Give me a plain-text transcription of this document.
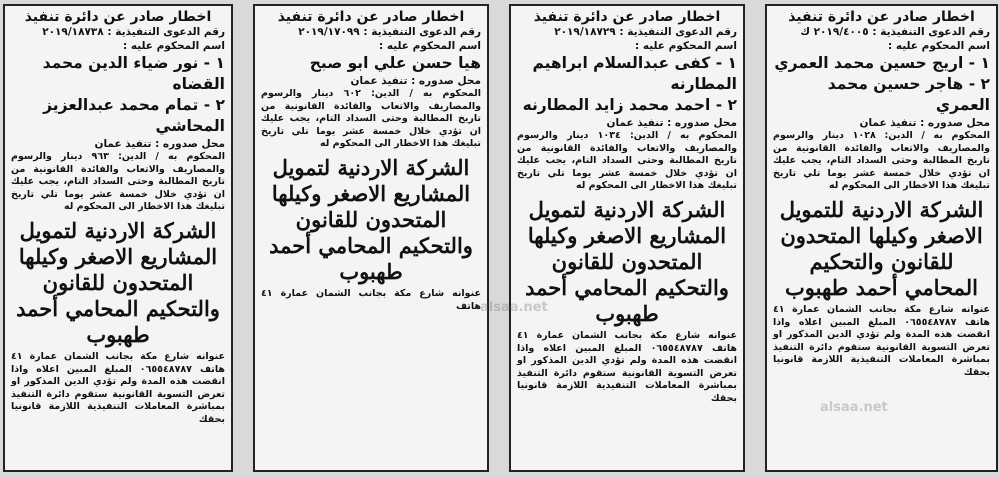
اخطار صادر عن دائرة تنفيذ

رقم الدعوى التنفيذية : ٢٠١٩/٤٠٠٥ ك

اسم المحكوم عليه :

١ - اريج حسين محمد العمري

٢ - هاجر حسين محمد العمري

محل صدوره : تنفيذ عمان

المحكوم به / الدين: ١٠٢٨ دينار والرسوم والمصاريف والاتعاب والفائدة القانونية من تاريخ المطالبة وحتى السداد التام، يجب عليك ان تؤدي خلال خمسة عشر يوما تلي تاريخ تبليغك هذا الاخطار الى المحكوم له

الشركة الاردنية للتمويل الاصغر وكيلها المتحدون للقانون والتحكيم المحامي أحمد طهبوب

عنوانه شارع مكة بجانب الشمان عمارة ٤١ هاتف ٠٦٥٥٤٨٧٨٧ المبلغ المبين اعلاه واذا انقضت هذه المدة ولم تؤدي الدين المذكور او تعرض التسوية القانونية ستقوم دائرة التنفيذ بمباشرة المعاملات التنفيذية اللازمة قانونيا بحقك

اخطار صادر عن دائرة تنفيذ

رقم الدعوى التنفيذية : ٢٠١٩/١٨٧٢٩

اسم المحكوم عليه :

١ - كفى عبدالسلام ابراهيم المطارنه

٢ - احمد محمد زايد المطارنه

محل صدوره : تنفيذ عمان

المحكوم به / الدين: ١٠٣٤ دينار والرسوم والمصاريف والاتعاب والفائدة القانونية من تاريخ المطالبة وحتى السداد التام، يجب عليك ان تؤدي خلال خمسة عشر يوما تلي تاريخ تبليغك هذا الاخطار الى المحكوم له

الشركة الاردنية لتمويل المشاريع الاصغر وكيلها المتحدون للقانون والتحكيم المحامي أحمد طهبوب

عنوانه شارع مكة بجانب الشمان عمارة ٤١ هاتف ٠٦٥٥٤٨٧٨٧ المبلغ المبين اعلاه واذا انقضت هذه المدة ولم تؤدي الدين المذكور او تعرض التسوية القانونية ستقوم دائرة التنفيذ بمباشرة المعاملات التنفيذية اللازمة قانونيا بحقك

اخطار صادر عن دائرة تنفيذ

رقم الدعوى التنفيذية : ٢٠١٩/١٧٠٩٩

اسم المحكوم عليه :

هيا حسن علي ابو صبح

محل صدوره : تنفيذ عمان

المحكوم به / الدين: ٦٠٢ دينار والرسوم والمصاريف والاتعاب والفائدة القانونية من تاريخ المطالبة وحتى السداد التام، يجب عليك ان تؤدي خلال خمسة عشر يوما تلي تاريخ تبليغك هذا الاخطار الى المحكوم له

الشركة الاردنية لتمويل المشاريع الاصغر وكيلها المتحدون للقانون والتحكيم المحامي أحمد طهبوب

عنوانه شارع مكة بجانب الشمان عمارة ٤١ هاتف

اخطار صادر عن دائرة تنفيذ

رقم الدعوى التنفيذية : ٢٠١٩/١٨٧٣٨

اسم المحكوم عليه :

١ - نور ضياء الدين محمد القضاه

٢ - تمام محمد عبدالعزيز المحاشي

محل صدوره : تنفيذ عمان

المحكوم به / الدين: ٩٦٣ دينار والرسوم والمصاريف والاتعاب والفائدة القانونية من تاريخ المطالبة وحتى السداد التام، يجب عليك ان تؤدي خلال خمسة عشر يوما تلي تاريخ تبليغك هذا الاخطار الى المحكوم له

الشركة الاردنية لتمويل المشاريع الاصغر وكيلها المتحدون للقانون والتحكيم المحامي أحمد طهبوب

عنوانه شارع مكة بجانب الشمان عمارة ٤١ هاتف ٠٦٥٥٤٨٧٨٧ المبلغ المبين اعلاه واذا انقضت هذه المدة ولم تؤدي الدين المذكور او تعرض التسوية القانونية ستقوم دائرة التنفيذ بمباشرة المعاملات التنفيذية اللازمة قانونيا بحقك

alsaa.net
alsaa.net
